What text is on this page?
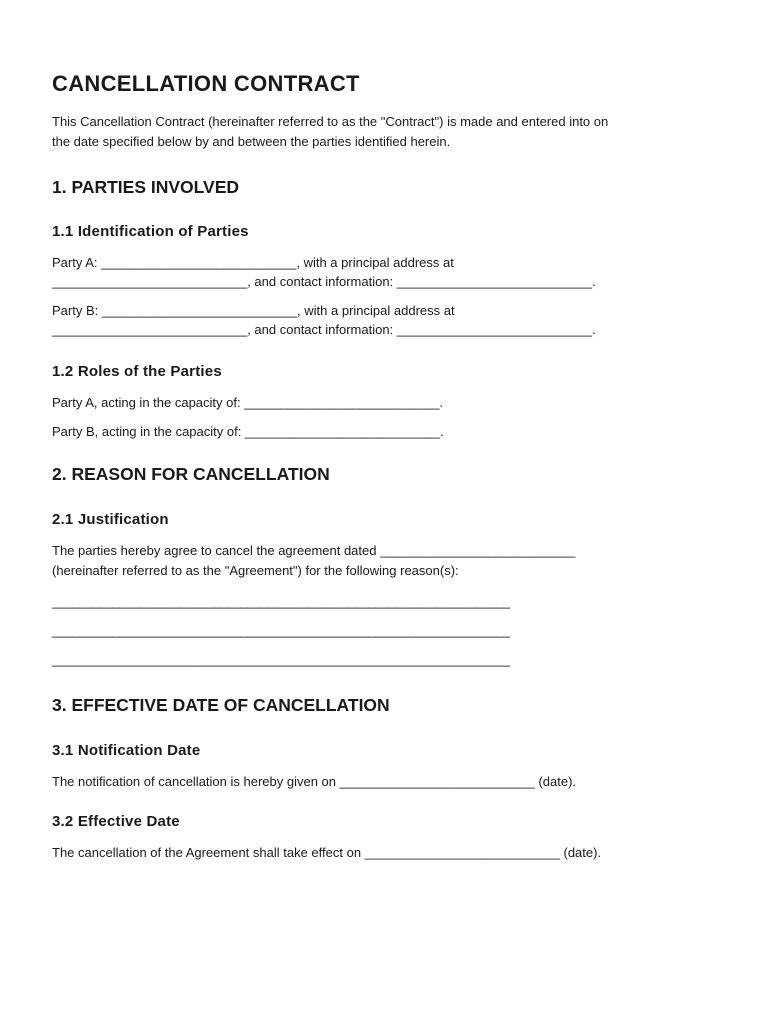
CANCELLATION CONTRACT

This Cancellation Contract (hereinafter referred to as the "Contract") is made and entered into on

the date specified below by and between the parties identified herein.

1. PARTIES INVOLVED
1.1 Identification of Parties

Party A: ___________________________, with a principal address at

___________________________, and contact information: ___________________________.

Party B: ___________________________, with a principal address at

___________________________, and contact information: ___________________________.

1.2 Roles of the Parties

Party A, acting in the capacity of: ___________________________.

Party B, acting in the capacity of: ___________________________.

2. REASON FOR CANCELLATION
2.1 Justification

The parties hereby agree to cancel the agreement dated ___________________________

(hereinafter referred to as the "Agreement") for the following reason(s):

____________________________________________________________________

____________________________________________________________________

____________________________________________________________________

3. EFFECTIVE DATE OF CANCELLATION
3.1 Notification Date

The notification of cancellation is hereby given on ___________________________ (date).

3.2 Effective Date

The cancellation of the Agreement shall take effect on ___________________________ (date).
